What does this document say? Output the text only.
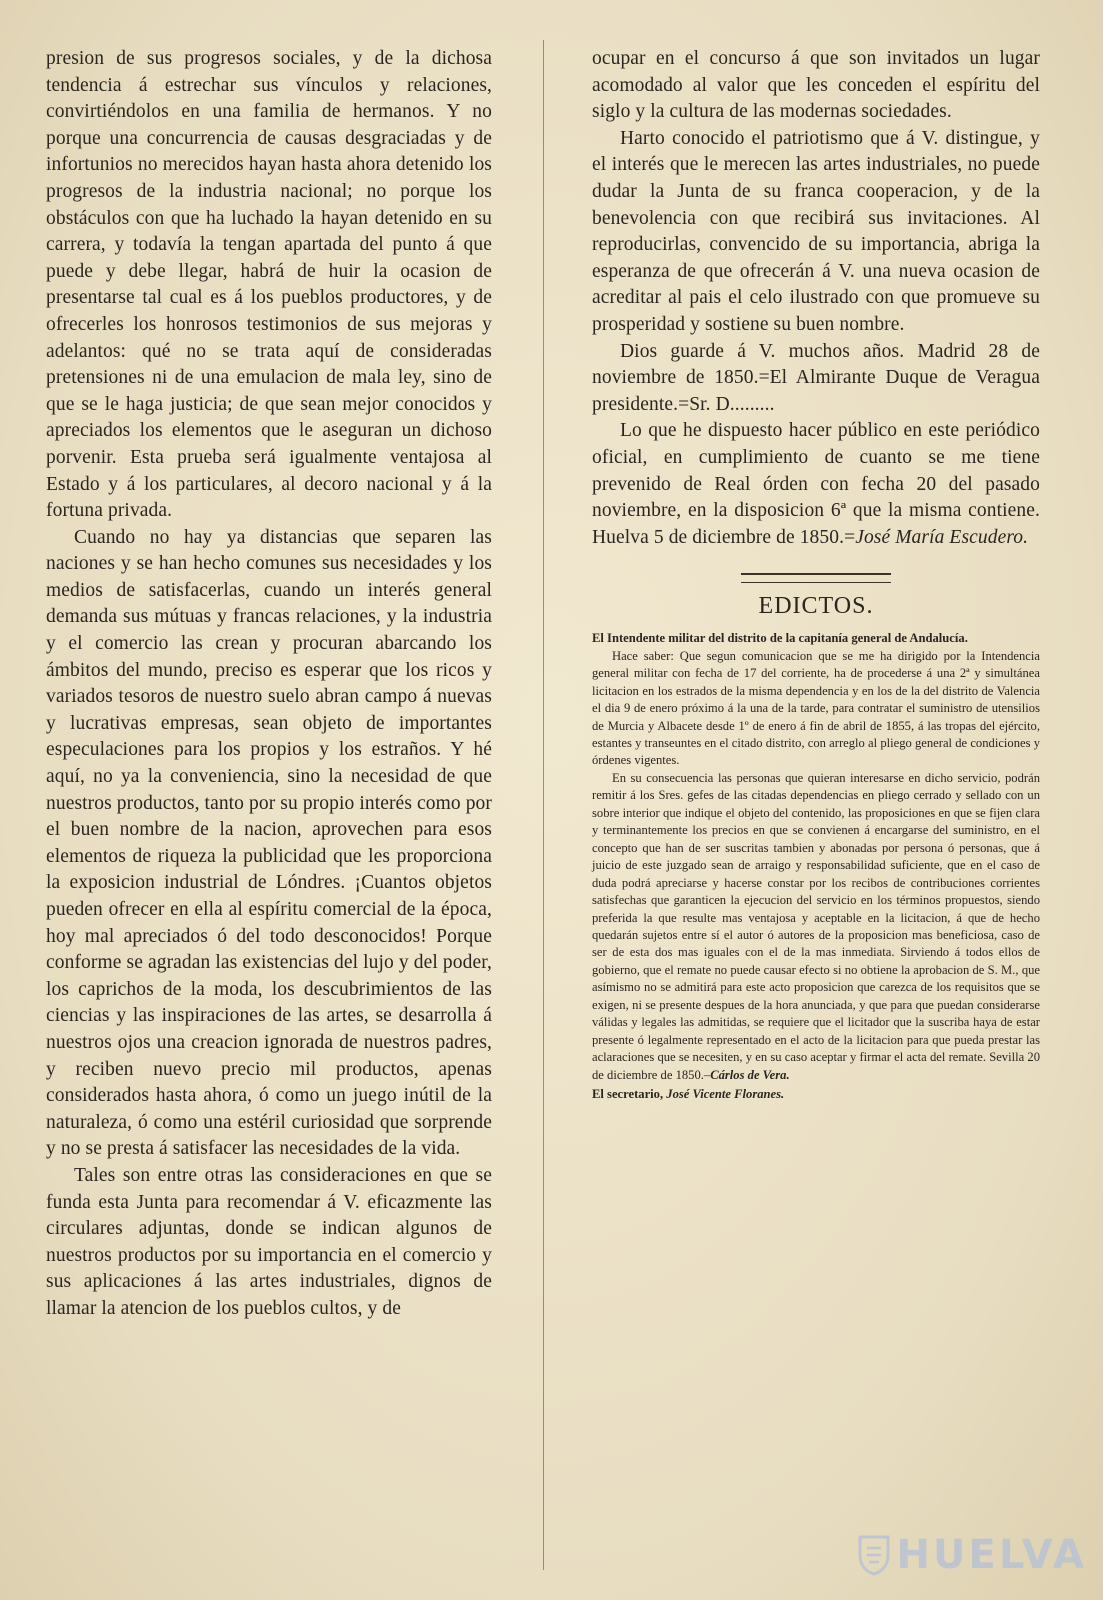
presion de sus progresos sociales, y de la dichosa tendencia á estrechar sus vínculos y relaciones, convirtiéndolos en una familia de hermanos. Y no porque una concurrencia de causas desgraciadas y de infortunios no merecidos hayan hasta ahora detenido los progresos de la industria nacional; no porque los obstáculos con que ha luchado la hayan detenido en su carrera, y todavía la tengan apartada del punto á que puede y debe llegar, habrá de huir la ocasion de presentarse tal cual es á los pueblos productores, y de ofrecerles los honrosos testimonios de sus mejoras y adelantos: qué no se trata aquí de consideradas pretensiones ni de una emulacion de mala ley, sino de que se le haga justicia; de que sean mejor conocidos y apreciados los elementos que le aseguran un dichoso porvenir. Esta prueba será igualmente ventajosa al Estado y á los particulares, al decoro nacional y á la fortuna privada.

Cuando no hay ya distancias que separen las naciones y se han hecho comunes sus necesidades y los medios de satisfacerlas, cuando un interés general demanda sus mútuas y francas relaciones, y la industria y el comercio las crean y procuran abarcando los ámbitos del mundo, preciso es esperar que los ricos y variados tesoros de nuestro suelo abran campo á nuevas y lucrativas empresas, sean objeto de importantes especulaciones para los propios y los estraños. Y hé aquí, no ya la conveniencia, sino la necesidad de que nuestros productos, tanto por su propio interés como por el buen nombre de la nacion, aprovechen para esos elementos de riqueza la publicidad que les proporciona la exposicion industrial de Lóndres. ¡Cuantos objetos pueden ofrecer en ella al espíritu comercial de la época, hoy mal apreciados ó del todo desconocidos! Porque conforme se agradan las existencias del lujo y del poder, los caprichos de la moda, los descubrimientos de las ciencias y las inspiraciones de las artes, se desarrolla á nuestros ojos una creacion ignorada de nuestros padres, y reciben nuevo precio mil productos, apenas considerados hasta ahora, ó como un juego inútil de la naturaleza, ó como una estéril curiosidad que sorprende y no se presta á satisfacer las necesidades de la vida.

Tales son entre otras las consideraciones en que se funda esta Junta para recomendar á V. eficazmente las circulares adjuntas, donde se indican algunos de nuestros productos por su importancia en el comercio y sus aplicaciones á las artes industriales, dignos de llamar la atencion de los pueblos cultos, y de

ocupar en el concurso á que son invitados un lugar acomodado al valor que les conceden el espíritu del siglo y la cultura de las modernas sociedades.

Harto conocido el patriotismo que á V. distingue, y el interés que le merecen las artes industriales, no puede dudar la Junta de su franca cooperacion, y de la benevolencia con que recibirá sus invitaciones. Al reproducirlas, convencido de su importancia, abriga la esperanza de que ofrecerán á V. una nueva ocasion de acreditar al pais el celo ilustrado con que promueve su prosperidad y sostiene su buen nombre.

Dios guarde á V. muchos años. Madrid 28 de noviembre de 1850.=El Almirante Duque de Veragua presidente.=Sr. D.........

Lo que he dispuesto hacer público en este periódico oficial, en cumplimiento de cuanto se me tiene prevenido de Real órden con fecha 20 del pasado noviembre, en la disposicion 6ª que la misma contiene. Huelva 5 de diciembre de 1850.=José María Escudero.

EDICTOS.

El Intendente militar del distrito de la capitanía general de Andalucía.

Hace saber: Que segun comunicacion que se me ha dirigido por la Intendencia general militar con fecha de 17 del corriente, ha de procederse á una 2ª y simultánea licitacion en los estrados de la misma dependencia y en los de la del distrito de Valencia el dia 9 de enero próximo á la una de la tarde, para contratar el suministro de utensilios de Murcia y Albacete desde 1º de enero á fin de abril de 1855, á las tropas del ejército, estantes y transeuntes en el citado distrito, con arreglo al pliego general de condiciones y órdenes vigentes.

En su consecuencia las personas que quieran interesarse en dicho servicio, podrán remitir á los Sres. gefes de las citadas dependencias en pliego cerrado y sellado con un sobre interior que indique el objeto del contenido, las proposiciones en que se fijen clara y terminantemente los precios en que se convienen á encargarse del suministro, en el concepto que han de ser suscritas tambien y abonadas por persona ó personas, que á juicio de este juzgado sean de arraigo y responsabilidad suficiente, que en el caso de duda podrá apreciarse y hacerse constar por los recibos de contribuciones corrientes satisfechas que garanticen la ejecucion del servicio en los términos propuestos, siendo preferida la que resulte mas ventajosa y aceptable en la licitacion, á que de hecho quedarán sujetos entre sí el autor ó autores de la proposicion mas beneficiosa, caso de ser de esta dos mas iguales con el de la mas inmediata. Sirviendo á todos ellos de gobierno, que el remate no puede causar efecto si no obtiene la aprobacion de S. M., que asímismo no se admitirá para este acto proposicion que carezca de los requisitos que se exigen, ni se presente despues de la hora anunciada, y que para que puedan considerarse válidas y legales las admitidas, se requiere que el licitador que la suscriba haya de estar presente ó legalmente representado en el acto de la licitacion para que pueda prestar las aclaraciones que se necesiten, y en su caso aceptar y firmar el acta del remate. Sevilla 20 de diciembre de 1850.–Cárlos de Vera.

El secretario, José Vicente Floranes.

HUELVA
